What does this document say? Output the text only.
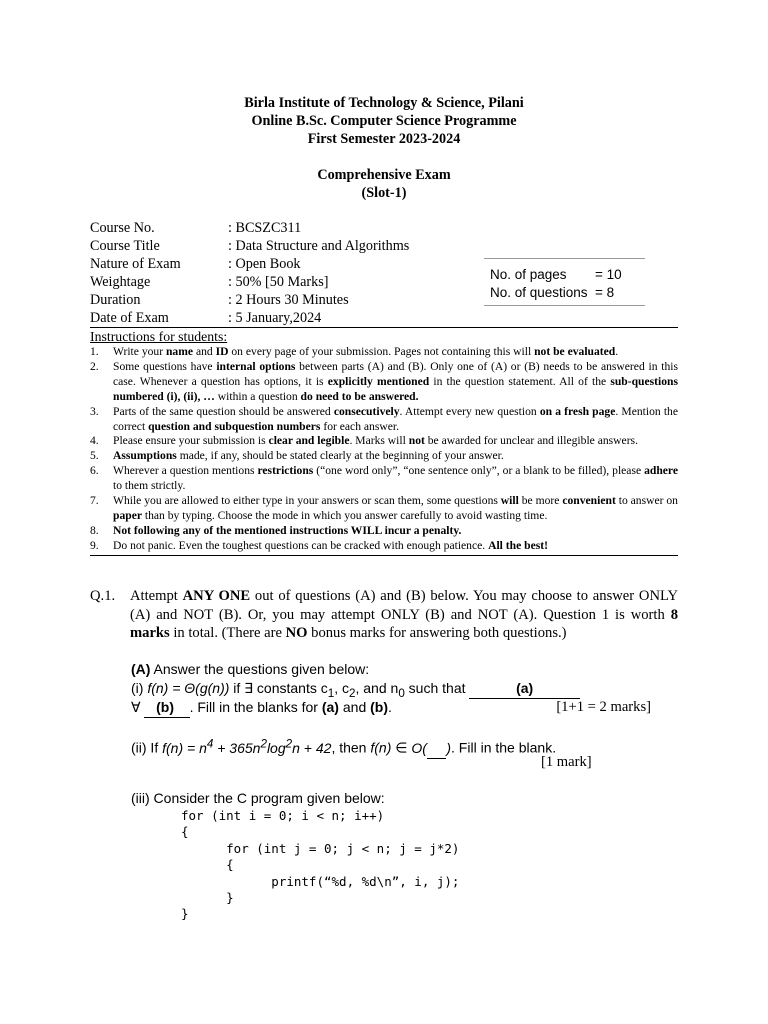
Birla Institute of Technology & Science, Pilani
Online B.Sc. Computer Science Programme
First Semester 2023-2024
Comprehensive Exam
(Slot-1)
Course No.	: BCSZC311
Course Title	: Data Structure and Algorithms
Nature of Exam	: Open Book
Weightage	: 50% [50 Marks]
Duration	: 2 Hours 30 Minutes
Date of Exam	: 5 January,2024
No. of pages	= 10
No. of questions = 8
Instructions for students:
1.	Write your name and ID on every page of your submission. Pages not containing this will not be evaluated.
2.	Some questions have internal options between parts (A) and (B). Only one of (A) or (B) needs to be answered in this case. Whenever a question has options, it is explicitly mentioned in the question statement. All of the sub-questions numbered (i), (ii), … within a question do need to be answered.
3.	Parts of the same question should be answered consecutively. Attempt every new question on a fresh page. Mention the correct question and subquestion numbers for each answer.
4.	Please ensure your submission is clear and legible. Marks will not be awarded for unclear and illegible answers.
5.	Assumptions made, if any, should be stated clearly at the beginning of your answer.
6.	Wherever a question mentions restrictions (“one word only”, “one sentence only”, or a blank to be filled), please adhere to them strictly.
7.	While you are allowed to either type in your answers or scan them, some questions will be more convenient to answer on paper than by typing. Choose the mode in which you answer carefully to avoid wasting time.
8.	Not following any of the mentioned instructions WILL incur a penalty.
9.	Do not panic. Even the toughest questions can be cracked with enough patience. All the best!
Q.1. Attempt ANY ONE out of questions (A) and (B) below. You may choose to answer ONLY (A) and NOT (B). Or, you may attempt ONLY (B) and NOT (A). Question 1 is worth 8 marks in total. (There are NO bonus marks for answering both questions.)
(A) Answer the questions given below:
(i) f(n) = Θ(g(n)) if ∃ constants $c_1$, $c_2$, and $n_0$ such that             (a)
∀    (b)    . Fill in the blanks for (a) and (b).	[1+1 = 2 marks]
(ii) If $f(n) = n^4 + 365n^2\log^2n + 42$, then f(n) ∈ O( ). Fill in the blank.
[1 mark]
(iii) Consider the C program given below:
for (int i = 0; i < n; i++)
{
for (int j = 0; j < n; j = j*2)
{
printf(“%d, %d\n”, i, j);
}
}
